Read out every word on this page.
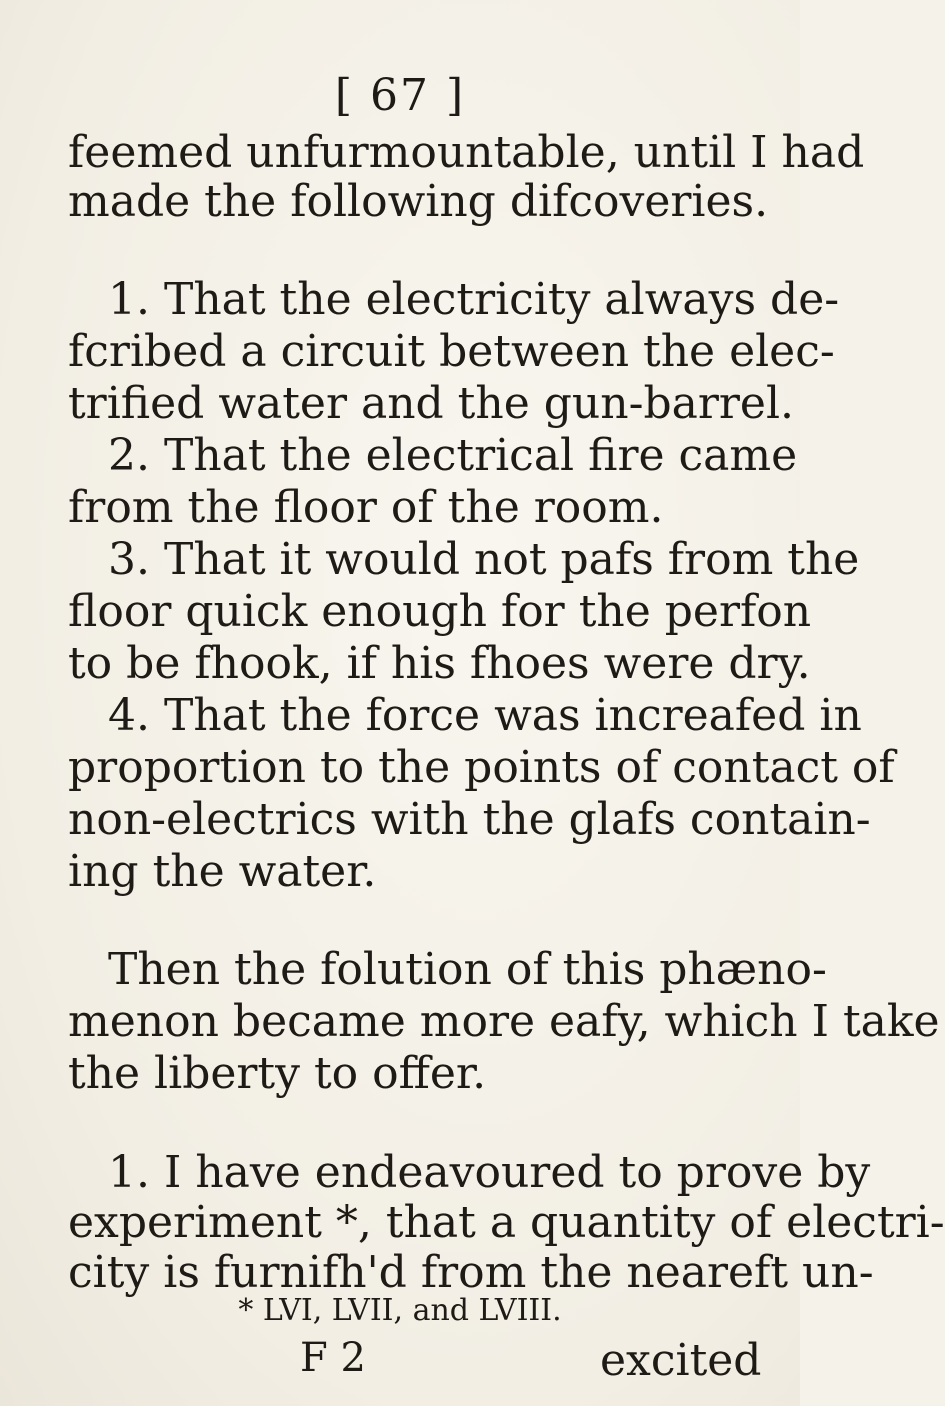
[ 67 ]
feemed unfurmountable, until I had
made the following difcoveries.
1. That the electricity always de-
fcribed a circuit between the elec-
trified water and the gun-barrel.
2. That the electrical fire came
from the floor of the room.
3. That it would not pafs from the
floor quick enough for the perfon
to be fhook, if his fhoes were dry.
4. That the force was increafed in
proportion to the points of contact of
non-electrics with the glafs contain-
ing the water.
Then the folution of this phæno-
menon became more eafy, which I take
the liberty to offer.
1. I have endeavoured to prove by
experiment *, that a quantity of electri-
city is furnifh'd from the neareft un-
* LVI, LVII, and LVIII.
F 2	excited
